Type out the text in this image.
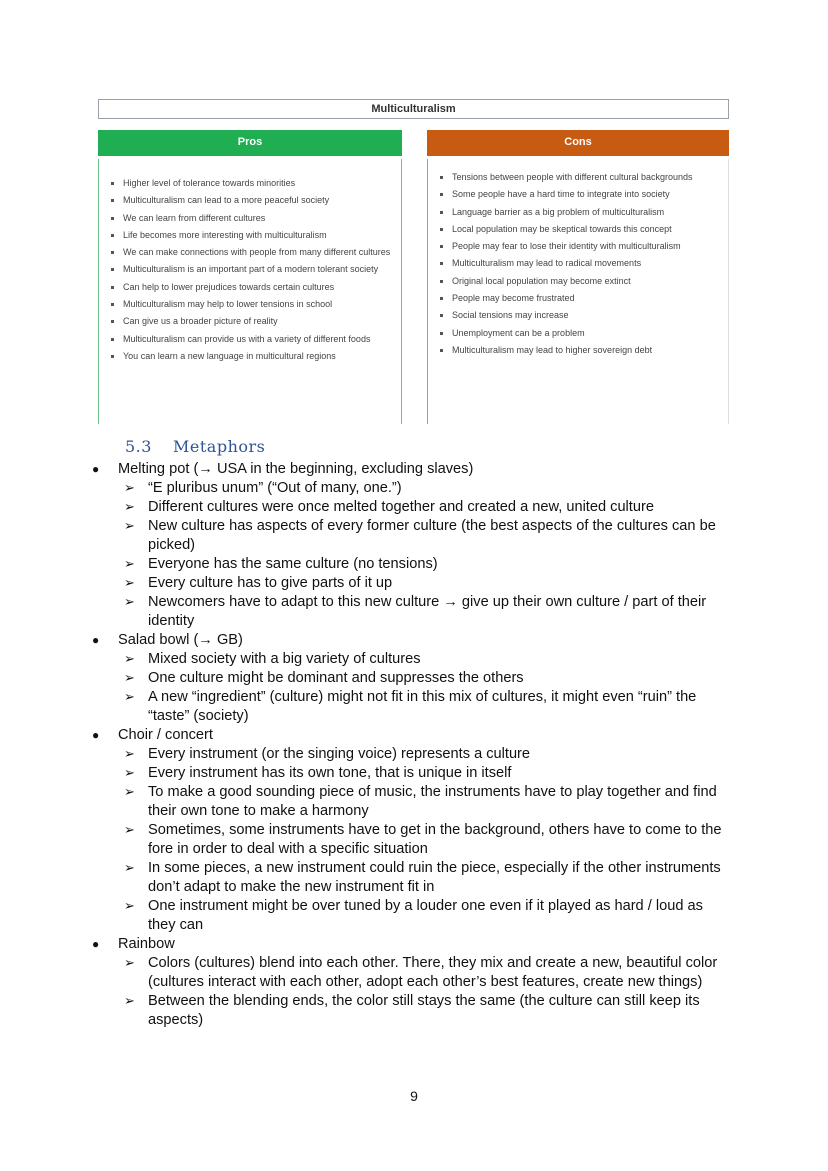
Multiculturalism
Pros
Higher level of tolerance towards minorities
Multiculturalism can lead to a more peaceful society
We can learn from different cultures
Life becomes more interesting with multiculturalism
We can make connections with people from many different cultures
Multiculturalism is an important part of a modern tolerant society
Can help to lower prejudices towards certain cultures
Multiculturalism may help to lower tensions in school
Can give us a broader picture of reality
Multiculturalism can provide us with a variety of different foods
You can learn a new language in multicultural regions
Cons
Tensions between people with different cultural backgrounds
Some people have a hard time to integrate into society
Language barrier as a big problem of multiculturalism
Local population may be skeptical towards this concept
People may fear to lose their identity with multiculturalism
Multiculturalism may lead to radical movements
Original local population may become extinct
People may become frustrated
Social tensions may increase
Unemployment can be a problem
Multiculturalism may lead to higher sovereign debt
5.3 Metaphors
● Melting pot (→ USA in the beginning, excluding slaves)
➢ “E pluribus unum” (“Out of many, one.”)
➢ Different cultures were once melted together and created a new, united culture
➢ New culture has aspects of every former culture (the best aspects of the cultures can be picked)
➢ Everyone has the same culture (no tensions)
➢ Every culture has to give parts of it up
➢ Newcomers have to adapt to this new culture → give up their own culture / part of their identity
● Salad bowl (→ GB)
➢ Mixed society with a big variety of cultures
➢ One culture might be dominant and suppresses the others
➢ A new “ingredient” (culture) might not fit in this mix of cultures, it might even “ruin” the “taste” (society)
● Choir / concert
➢ Every instrument (or the singing voice) represents a culture
➢ Every instrument has its own tone, that is unique in itself
➢ To make a good sounding piece of music, the instruments have to play together and find their own tone to make a harmony
➢ Sometimes, some instruments have to get in the background, others have to come to the fore in order to deal with a specific situation
➢ In some pieces, a new instrument could ruin the piece, especially if the other instruments don’t adapt to make the new instrument fit in
➢ One instrument might be over tuned by a louder one even if it played as hard / loud as they can
● Rainbow
➢ Colors (cultures) blend into each other. There, they mix and create a new, beautiful color (cultures interact with each other, adopt each other’s best features, create new things)
➢ Between the blending ends, the color still stays the same (the culture can still keep its aspects)
9
